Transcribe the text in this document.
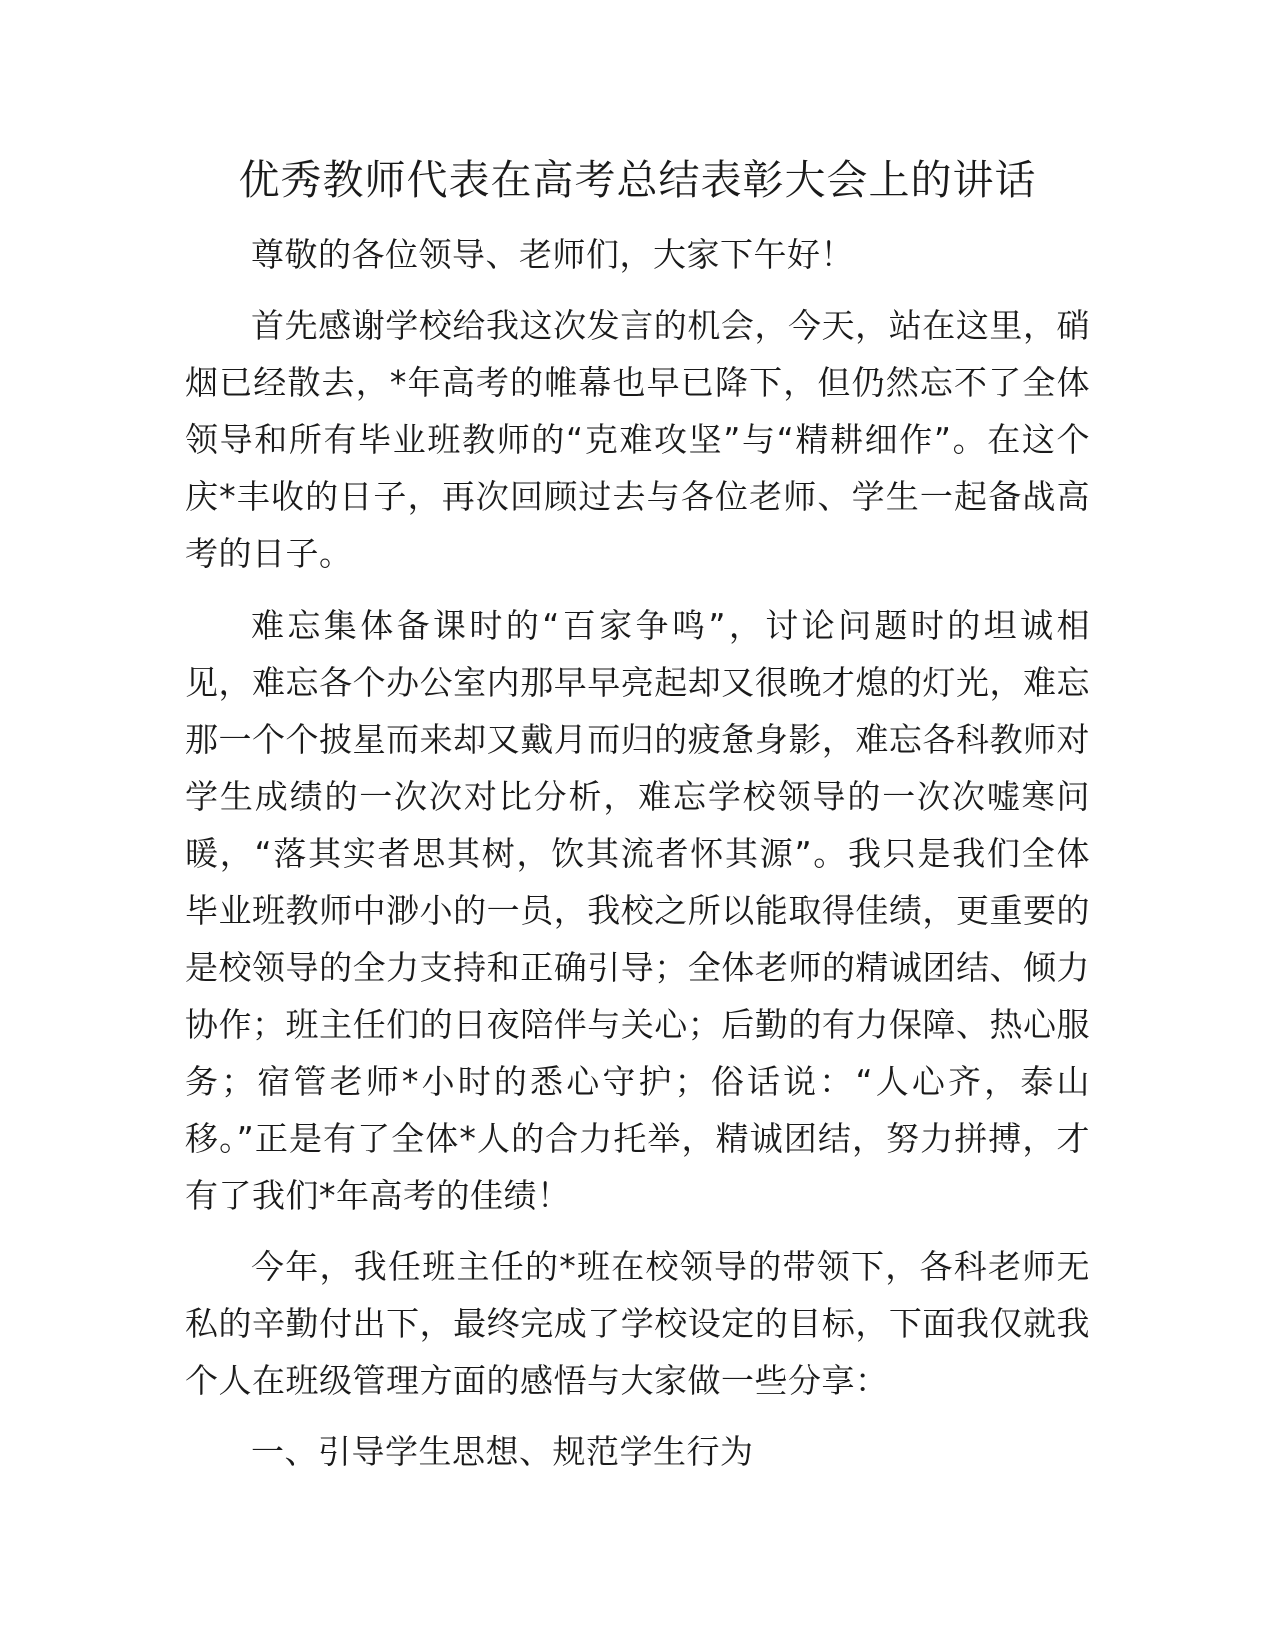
优秀教师代表在高考总结表彰大会上的讲话

尊敬的各位领导、老师们，大家下午好！

首先感谢学校给我这次发言的机会，今天，站在这里，硝烟已经散去，*年高考的帷幕也早已降下，但仍然忘不了全体领导和所有毕业班教师的“克难攻坚”与“精耕细作”。在这个庆*丰收的日子，再次回顾过去与各位老师、学生一起备战高考的日子。

难忘集体备课时的“百家争鸣”，讨论问题时的坦诚相见，难忘各个办公室内那早早亮起却又很晚才熄的灯光，难忘那一个个披星而来却又戴月而归的疲惫身影，难忘各科教师对学生成绩的一次次对比分析，难忘学校领导的一次次嘘寒问暖，“落其实者思其树，饮其流者怀其源”。我只是我们全体毕业班教师中渺小的一员，我校之所以能取得佳绩，更重要的是校领导的全力支持和正确引导；全体老师的精诚团结、倾力协作；班主任们的日夜陪伴与关心；后勤的有力保障、热心服务；宿管老师*小时的悉心守护；俗话说：“人心齐，泰山移。”正是有了全体*人的合力托举，精诚团结，努力拼搏，才有了我们*年高考的佳绩！

今年，我任班主任的*班在校领导的带领下，各科老师无私的辛勤付出下，最终完成了学校设定的目标，下面我仅就我个人在班级管理方面的感悟与大家做一些分享：

一、引导学生思想、规范学生行为
